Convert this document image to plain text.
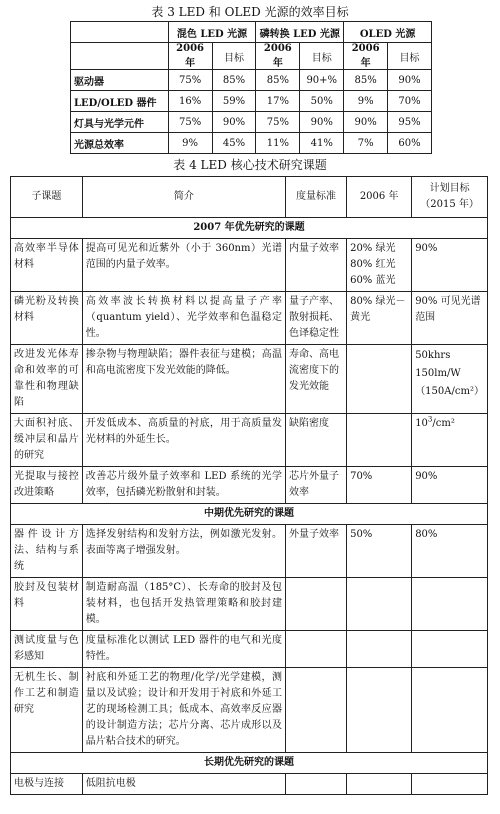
表 3 LED 和 OLED 光源的效率目标
	混色 LED 光源		磷转换 LED 光源		OLED 光源	
	2006 年	目标	2006 年	目标	2006 年	目标
驱动器	75%	85%	85%	90+%	85%	90%
LED/OLED 器件	16%	59%	17%	50%	9%	70%
灯具与光学元件	75%	90%	75%	90%	90%	95%
光源总效率	9%	45%	11%	41%	7%	60%
表 4 LED 核心技术研究课题
子课题	简介	度量标准	2006 年	计划目标
（2015 年）

2007 年优先研究的课题				
高效率半导体材料	提高可见光和近紫外（小于 360nm）光谱范围的内量子效率。	内量子效率	20% 绿光
80% 红光
60% 蓝光	90%
磷光粉及转换材料	高效率波长转换材料以提高量子产率（quantum yield）、光学效率和色温稳定性。	量子产率、散射损耗、色译稳定性	80% 绿光－黄光	90% 可见光谱范围
改进发光体寿命和效率的可靠性和物理缺陷	掺杂物与物理缺陷；器件表征与建模；高温和高电流密度下发光效能的降低。	寿命、高电流密度下的发光效能		50khrs
150lm/W
（150A/cm²）

大面积衬底、缓冲层和晶片的研究	开发低成本、高质量的衬底，用于高质量发光材料的外延生长。	缺陷密度		$10^3$/cm²
光提取与接控改进策略	改善芯片级外量子效率和 LED 系统的光学效率，包括磷光粉散射和封装。	芯片外量子效率	70%	90%
中期优先研究的课题				
器件设计方法、结构与系统	选择发射结构和发射方法，例如激光发射。表面等离子增强发射。	外量子效率	50%	80%
胶封及包装材料	制造耐高温（185°C）、长寿命的胶封及包装材料，也包括开发热管理策略和胶封建模。			
测试度量与色彩感知	度量标准化以测试 LED 器件的电气和光度特性。			
无机生长、制作工艺和制造研究	衬底和外延工艺的物理/化学/光学建模，测量以及试验；设计和开发用于衬底和外延工艺的现场检测工具；低成本、高效率反应器的设计制造方法；芯片分离、芯片成形以及晶片粘合技术的研究。			
长期优先研究的课题				
电极与连接	低阻抗电极			
